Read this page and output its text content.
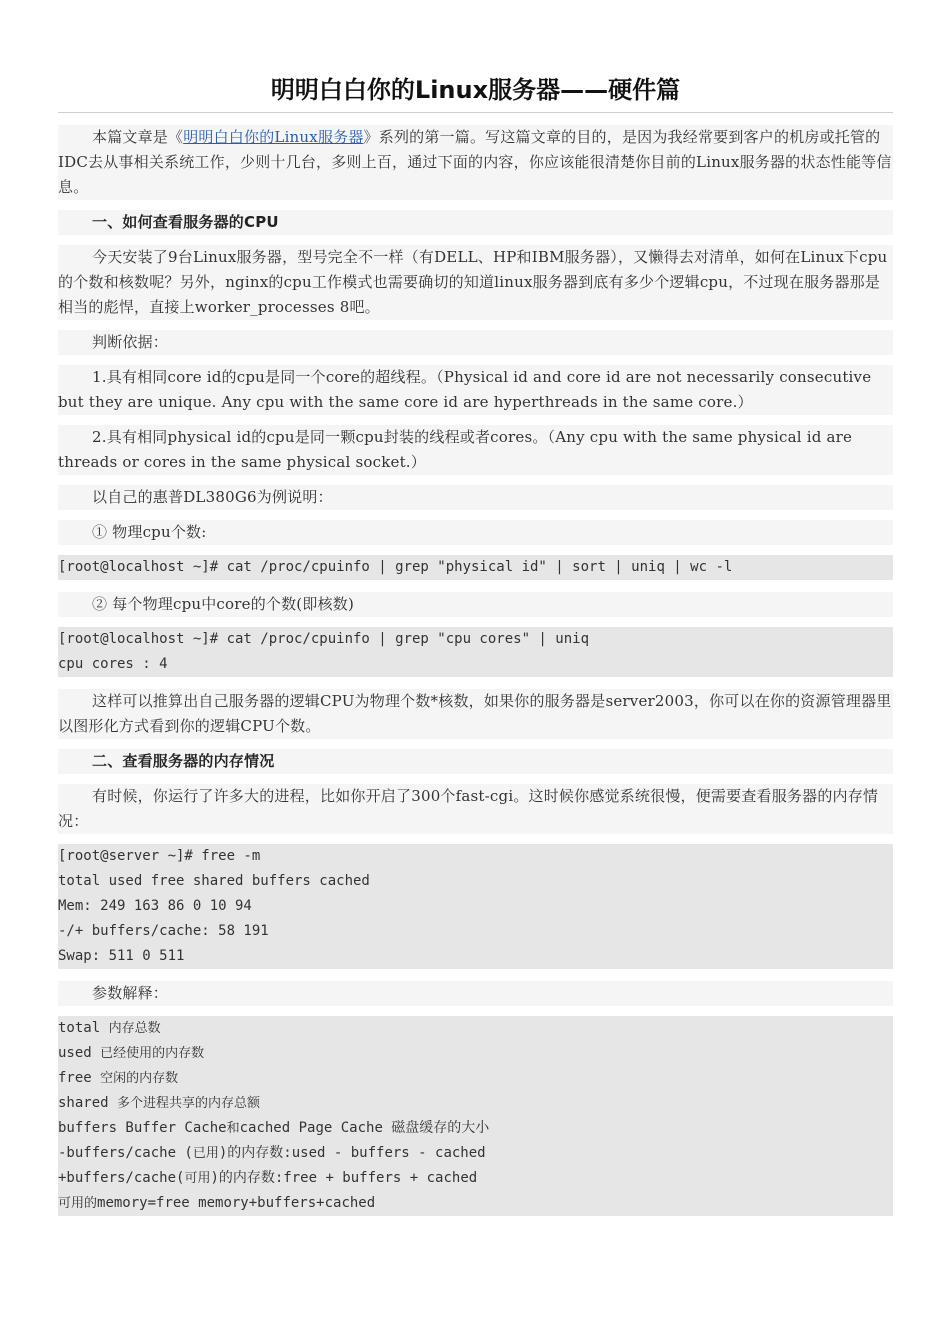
明明白白你的Linux服务器——硬件篇
本篇文章是《明明白白你的Linux服务器》系列的第一篇。写这篇文章的目的，是因为我经常要到客户的机房或托管的IDC去从事相关系统工作，少则十几台，多则上百，通过下面的内容，你应该能很清楚你目前的Linux服务器的状态性能等信息。
一、如何查看服务器的CPU
今天安装了9台Linux服务器，型号完全不一样（有DELL、HP和IBM服务器），又懒得去对清单，如何在Linux下cpu的个数和核数呢？另外，nginx的cpu工作模式也需要确切的知道linux服务器到底有多少个逻辑cpu，不过现在服务器那是相当的彪悍，直接上worker_processes 8吧。
判断依据：
1.具有相同core id的cpu是同一个core的超线程。（Physical id and core id are not necessarily consecutive but they are unique. Any cpu with the same core id are hyperthreads in the same core.）
2.具有相同physical id的cpu是同一颗cpu封装的线程或者cores。（Any cpu with the same physical id are threads or cores in the same physical socket.）
以自己的惠普DL380G6为例说明：
① 物理cpu个数:
[root@localhost ~]# cat /proc/cpuinfo | grep "physical id" | sort | uniq | wc -l
② 每个物理cpu中core的个数(即核数)
[root@localhost ~]# cat /proc/cpuinfo | grep "cpu cores" | uniq
cpu cores : 4
这样可以推算出自己服务器的逻辑CPU为物理个数*核数，如果你的服务器是server2003，你可以在你的资源管理器里以图形化方式看到你的逻辑CPU个数。
二、查看服务器的内存情况
有时候，你运行了许多大的进程，比如你开启了300个fast-cgi。这时候你感觉系统很慢，便需要查看服务器的内存情况：
[root@server ~]# free -m
total used free shared buffers cached
Mem: 249 163 86 0 10 94
-/+ buffers/cache: 58 191
Swap: 511 0 511
参数解释：
total 内存总数
used 已经使用的内存数
free 空闲的内存数
shared 多个进程共享的内存总额
buffers Buffer Cache和cached Page Cache 磁盘缓存的大小
-buffers/cache (已用)的内存数:used - buffers - cached
+buffers/cache(可用)的内存数:free + buffers + cached
可用的memory=free memory+buffers+cached
